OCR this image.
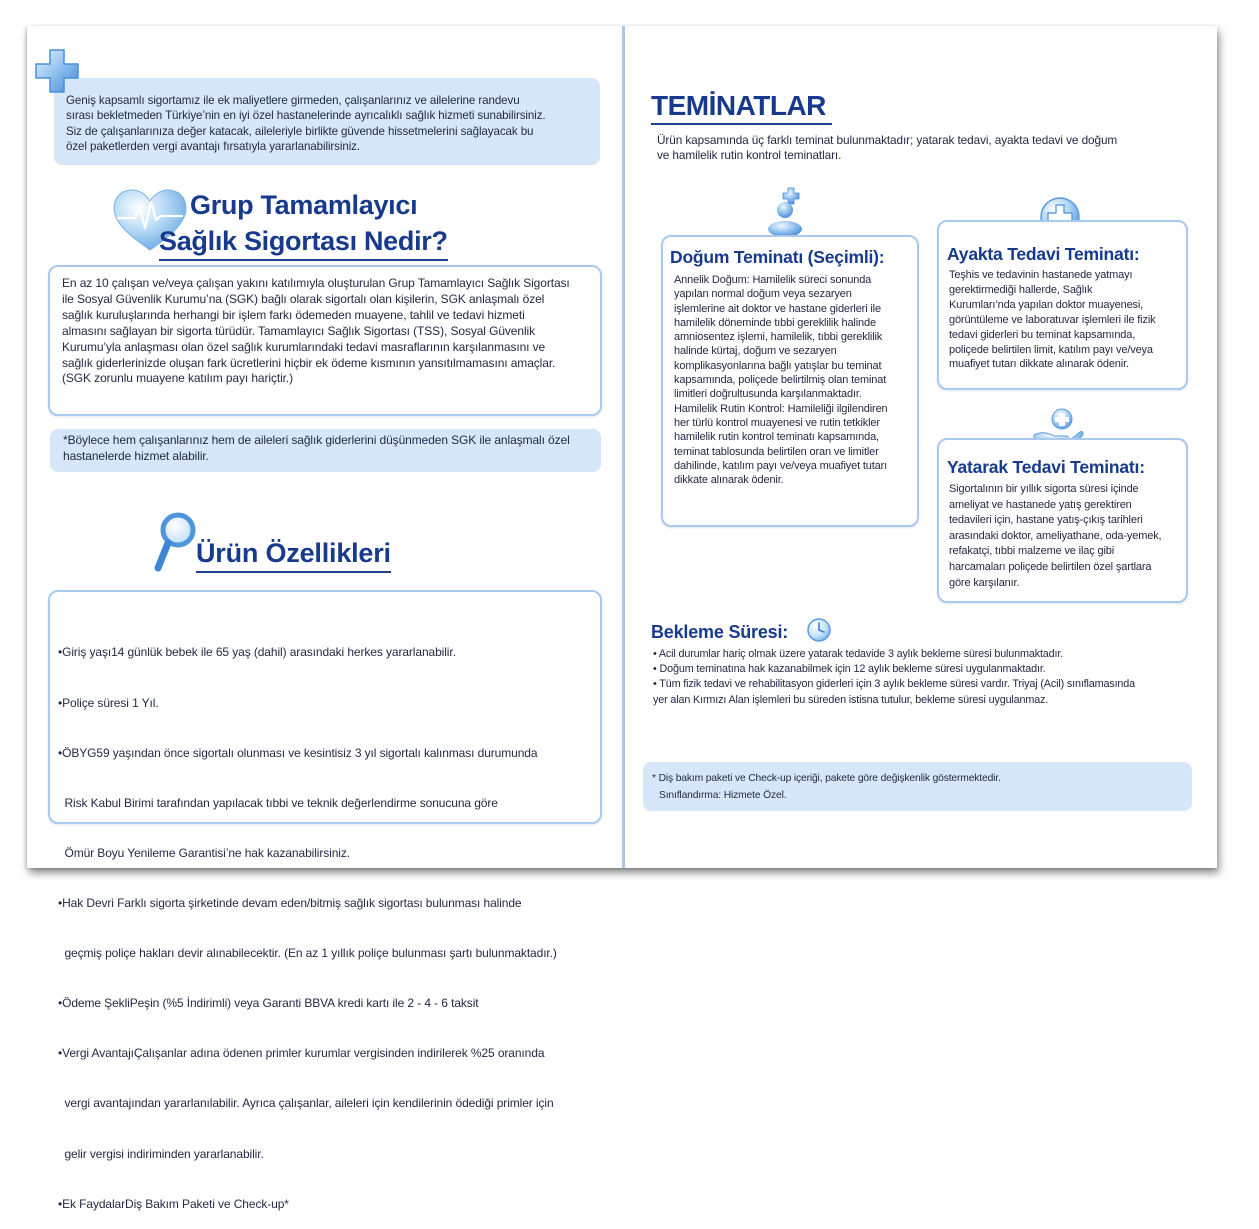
Geniş kapsamlı sigortamız ile ek maliyetlere girmeden, çalışanlarınız ve ailelerine randevu
sırası bekletmeden Türkiye’nin en iyi özel hastanelerinde ayrıcalıklı sağlık hizmeti sunabilirsiniz.
Siz de çalışanlarınıza değer katacak, aileleriyle birlikte güvende hissetmelerini sağlayacak bu
özel paketlerden vergi avantajı fırsatıyla yararlanabilirsiniz.
Grup Tamamlayıcı
Sağlık Sigortası Nedir?
En az 10 çalışan ve/veya çalışan yakını katılımıyla oluşturulan Grup Tamamlayıcı Sağlık Sigortası
ile Sosyal Güvenlik Kurumu’na (SGK) bağlı olarak sigortalı olan kişilerin, SGK anlaşmalı özel
sağlık kuruluşlarında herhangi bir işlem farkı ödemeden muayene, tahlil ve tedavi hizmeti
almasını sağlayan bir sigorta türüdür. Tamamlayıcı Sağlık Sigortası (TSS), Sosyal Güvenlik
Kurumu’yla anlaşması olan özel sağlık kurumlarındaki tedavi masraflarının karşılanmasını ve
sağlık giderlerinizde oluşan fark ücretlerini hiçbir ek ödeme kısmının yansıtılmamasını amaçlar.
(SGK zorunlu muayene katılım payı hariçtir.)
*Böylece hem çalışanlarınız hem de aileleri sağlık giderlerini düşünmeden SGK ile anlaşmalı özel
hastanelerde hizmet alabilir.
Ürün Özellikleri

•Giriş yaşı14 günlük bebek ile 65 yaş (dahil) arasındaki herkes yararlanabilir.

•Poliçe süresi 1 Yıl.

•ÖBYG59 yaşından önce sigortalı olunması ve kesintisiz 3 yıl sigortalı kalınması durumunda

Risk Kabul Birimi tarafından yapılacak tıbbi ve teknik değerlendirme sonucuna göre

Ömür Boyu Yenileme Garantisi’ne hak kazanabilirsiniz.

•Hak Devri Farklı sigorta şirketinde devam eden/bitmiş sağlık sigortası bulunması halinde

geçmiş poliçe hakları devir alınabilecektir. (En az 1 yıllık poliçe bulunması şartı bulunmaktadır.)

•Ödeme ŞekliPeşin (%5 İndirimli) veya Garanti BBVA kredi kartı ile 2 - 4 - 6 taksit

•Vergi AvantajıÇalışanlar adına ödenen primler kurumlar vergisinden indirilerek %25 oranında

vergi avantajından yararlanılabilir. Ayrıca çalışanlar, aileleri için kendilerinin ödediği primler için

gelir vergisi indiriminden yararlanabilir.

•Ek FaydalarDiş Bakım Paketi ve Check-up*

TEMİNATLAR
Ürün kapsamında üç farklı teminat bulunmaktadır; yatarak tedavi, ayakta tedavi ve doğum
ve hamilelik rutin kontrol teminatları.
Doğum Teminatı (Seçimli):
Annelik Doğum: Hamilelik süreci sonunda
yapılan normal doğum veya sezaryen
işlemlerine ait doktor ve hastane giderleri ile
hamilelik döneminde tıbbi gereklilik halinde
amniosentez işlemi, hamilelik, tıbbi gereklilik
halinde kürtaj, doğum ve sezaryen
komplikasyonlarına bağlı yatışlar bu teminat
kapsamında, poliçede belirtilmiş olan teminat
limitleri doğrultusunda karşılanmaktadır.
Hamilelik Rutin Kontrol: Hamileliği ilgilendiren
her türlü kontrol muayenesi ve rutin tetkikler
hamilelik rutin kontrol teminatı kapsamında,
teminat tablosunda belirtilen oran ve limitler
dahilinde, katılım payı ve/veya muafiyet tutarı
dikkate alınarak ödenir.
Ayakta Tedavi Teminatı:
Teşhis ve tedavinin hastanede yatmayı
gerektirmediği hallerde, Sağlık
Kurumları’nda yapılan doktor muayenesi,
görüntüleme ve laboratuvar işlemleri ile fizik
tedavi giderleri bu teminat kapsamında,
poliçede belirtilen limit, katılım payı ve/veya
muafiyet tutarı dikkate alınarak ödenir.
Yatarak Tedavi Teminatı:
Sigortalının bir yıllık sigorta süresi içinde
ameliyat ve hastanede yatış gerektiren
tedavileri için, hastane yatış-çıkış tarihleri
arasındaki doktor, ameliyathane, oda-yemek,
refakatçi, tıbbi malzeme ve ilaç gibi
harcamaları poliçede belirtilen özel şartlara
göre karşılanır.
Bekleme Süresi:
• Acil durumlar hariç olmak üzere yatarak tedavide 3 aylık bekleme süresi bulunmaktadır.
• Doğum teminatına hak kazanabilmek için 12 aylık bekleme süresi uygulanmaktadır.
• Tüm fizik tedavi ve rehabilitasyon giderleri için 3 aylık bekleme süresi vardır. Triyaj (Acil) sınıflamasında
yer alan Kırmızı Alan işlemleri bu süreden istisna tutulur, bekleme süresi uygulanmaz.
* Diş bakım paketi ve Check-up içeriği, pakete göre değişkenlik göstermektedir.
Sınıflandırma: Hizmete Özel.
